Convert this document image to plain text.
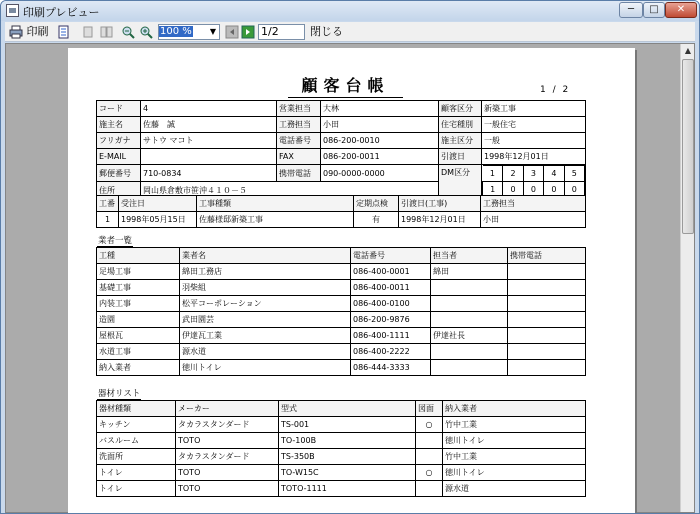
印刷プレビュー	─	□	✕
印刷	100 % ▼	1/2	閉じる
顧客台帳	1 / 2
コード	4	営業担当	大林	顧客区分	新築工事
施主名	佐藤　誠	工務担当	小田	住宅種別	一般住宅
フリガナ	サトウ マコト	電話番号	086-200-0010	施主区分	一般
E-MAIL		FAX	086-200-0011	引渡日	1998年12月01日
郵便番号	710-0834	携帯電話	090-0000-0000	DM区分	1	2	3	4	5
1	0	0	0	0

住所	岡山県倉敷市笹沖４１０－５
工番	受注日	工事種類	定期点検	引渡日(工事)	工務担当
1	1998年05月15日	佐藤様邸新築工事	有	1998年12月01日	小田
業者一覧
工種	業者名	電話番号	担当者	携帯電話
足場工事	綿田工務店	086-400-0001	綿田	
基礎工事	羽柴組	086-400-0011		
内装工事	松平コーポレーション	086-400-0100		
造園	武田園芸	086-200-9876		
屋根瓦	伊達瓦工業	086-400-1111	伊達社長	
水道工事	源水道	086-400-2222		
納入業者	徳川トイレ	086-444-3333		
器材リスト
器材種類	メーカー	型式	図面	納入業者
キッチン	タカラスタンダード	TS-001	○	竹中工業
バスルーム	TOTO	TO-100B		徳川トイレ
洗面所	タカラスタンダード	TS-350B		竹中工業
トイレ	TOTO	TO-W15C	○	徳川トイレ
トイレ	TOTO	TOTO-1111		源水道
▲
